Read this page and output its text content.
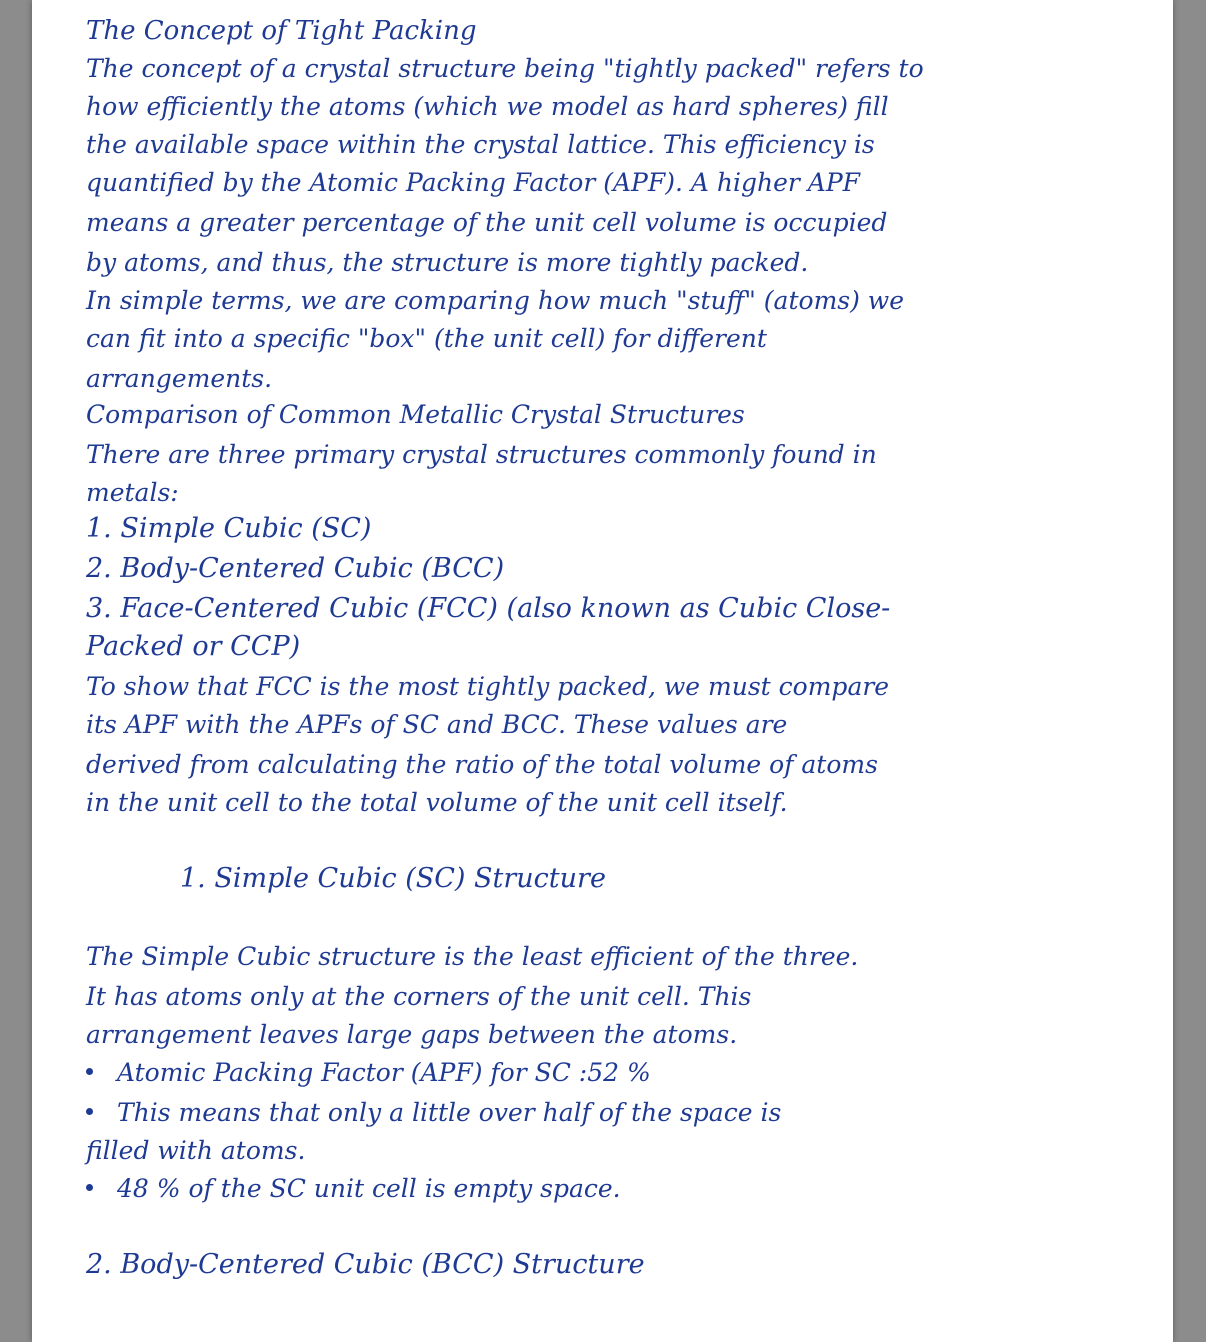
The Concept of Tight Packing
The concept of a crystal structure being "tightly packed" refers to
how efficiently the atoms (which we model as hard spheres) fill
the available space within the crystal lattice. This efficiency is
quantified by the Atomic Packing Factor (APF). A higher APF
means a greater percentage of the unit cell volume is occupied
by atoms, and thus, the structure is more tightly packed.
In simple terms, we are comparing how much "stuff" (atoms) we
can fit into a specific "box" (the unit cell) for different
arrangements.
Comparison of Common Metallic Crystal Structures
There are three primary crystal structures commonly found in
metals:
1. Simple Cubic (SC)
2. Body-Centered Cubic (BCC)
3. Face-Centered Cubic (FCC) (also known as Cubic Close-
Packed or CCP)
To show that FCC is the most tightly packed, we must compare
its APF with the APFs of SC and BCC. These values are
derived from calculating the ratio of the total volume of atoms
in the unit cell to the total volume of the unit cell itself.
1. Simple Cubic (SC) Structure
The Simple Cubic structure is the least efficient of the three.
It has atoms only at the corners of the unit cell. This
arrangement leaves large gaps between the atoms.
Atomic Packing Factor (APF) for SC :52 %
This means that only a little over half of the space is
filled with atoms.
48 % of the SC unit cell is empty space.
2. Body-Centered Cubic (BCC) Structure
